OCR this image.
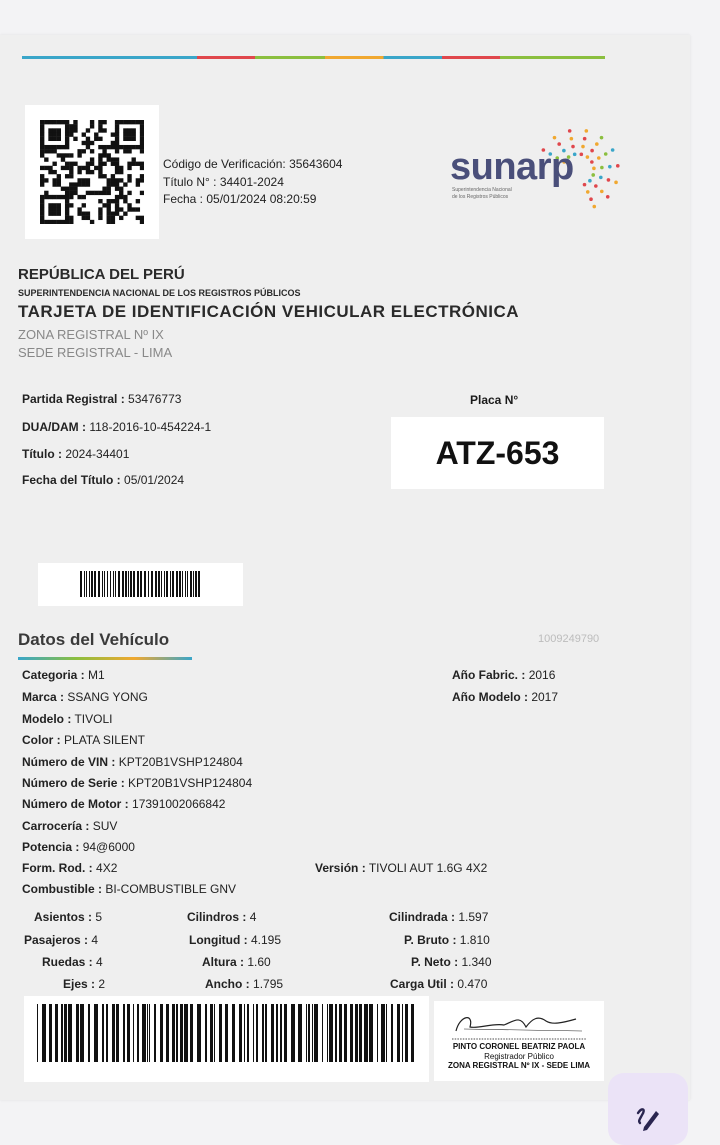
Código de Verificación: 35643604
Título N° : 34401-2024
Fecha : 05/01/2024 08:20:59
sunarp
Superintendencia Nacional
de los Registros Públicos
REPÚBLICA DEL PERÚ
SUPERINTENDENCIA NACIONAL DE LOS REGISTROS PÚBLICOS
TARJETA DE IDENTIFICACIÓN VEHICULAR ELECTRÓNICA
ZONA REGISTRAL Nº IX
SEDE REGISTRAL - LIMA
Partida Registral : 53476773
DUA/DAM : 118-2016-10-454224-1
Título : 2024-34401
Fecha del Título : 05/01/2024
Placa N°
ATZ-653
Datos del Vehículo	1009249790
Categoria : M1
Marca : SSANG YONG
Modelo : TIVOLI
Color : PLATA SILENT
Número de VIN : KPT20B1VSHP124804
Número de Serie : KPT20B1VSHP124804
Número de Motor : 17391002066842
Carrocería : SUV
Potencia : 94@6000
Form. Rod. : 4X2
Combustible : BI-COMBUSTIBLE GNV
Año Fabric. : 2016
Año Modelo : 2017
Versión : TIVOLI AUT 1.6G 4X2
Asientos : 5
Pasajeros : 4
Ruedas : 4
Ejes : 2
Cilindros : 4
Longitud : 4.195
Altura : 1.60
Ancho : 1.795
Cilindrada : 1.597
P. Bruto : 1.810
P. Neto : 1.340
Carga Util : 0.470
PINTO CORONEL BEATRIZ PAOLA
Registrador Público
ZONA REGISTRAL Nº IX - SEDE LIMA
